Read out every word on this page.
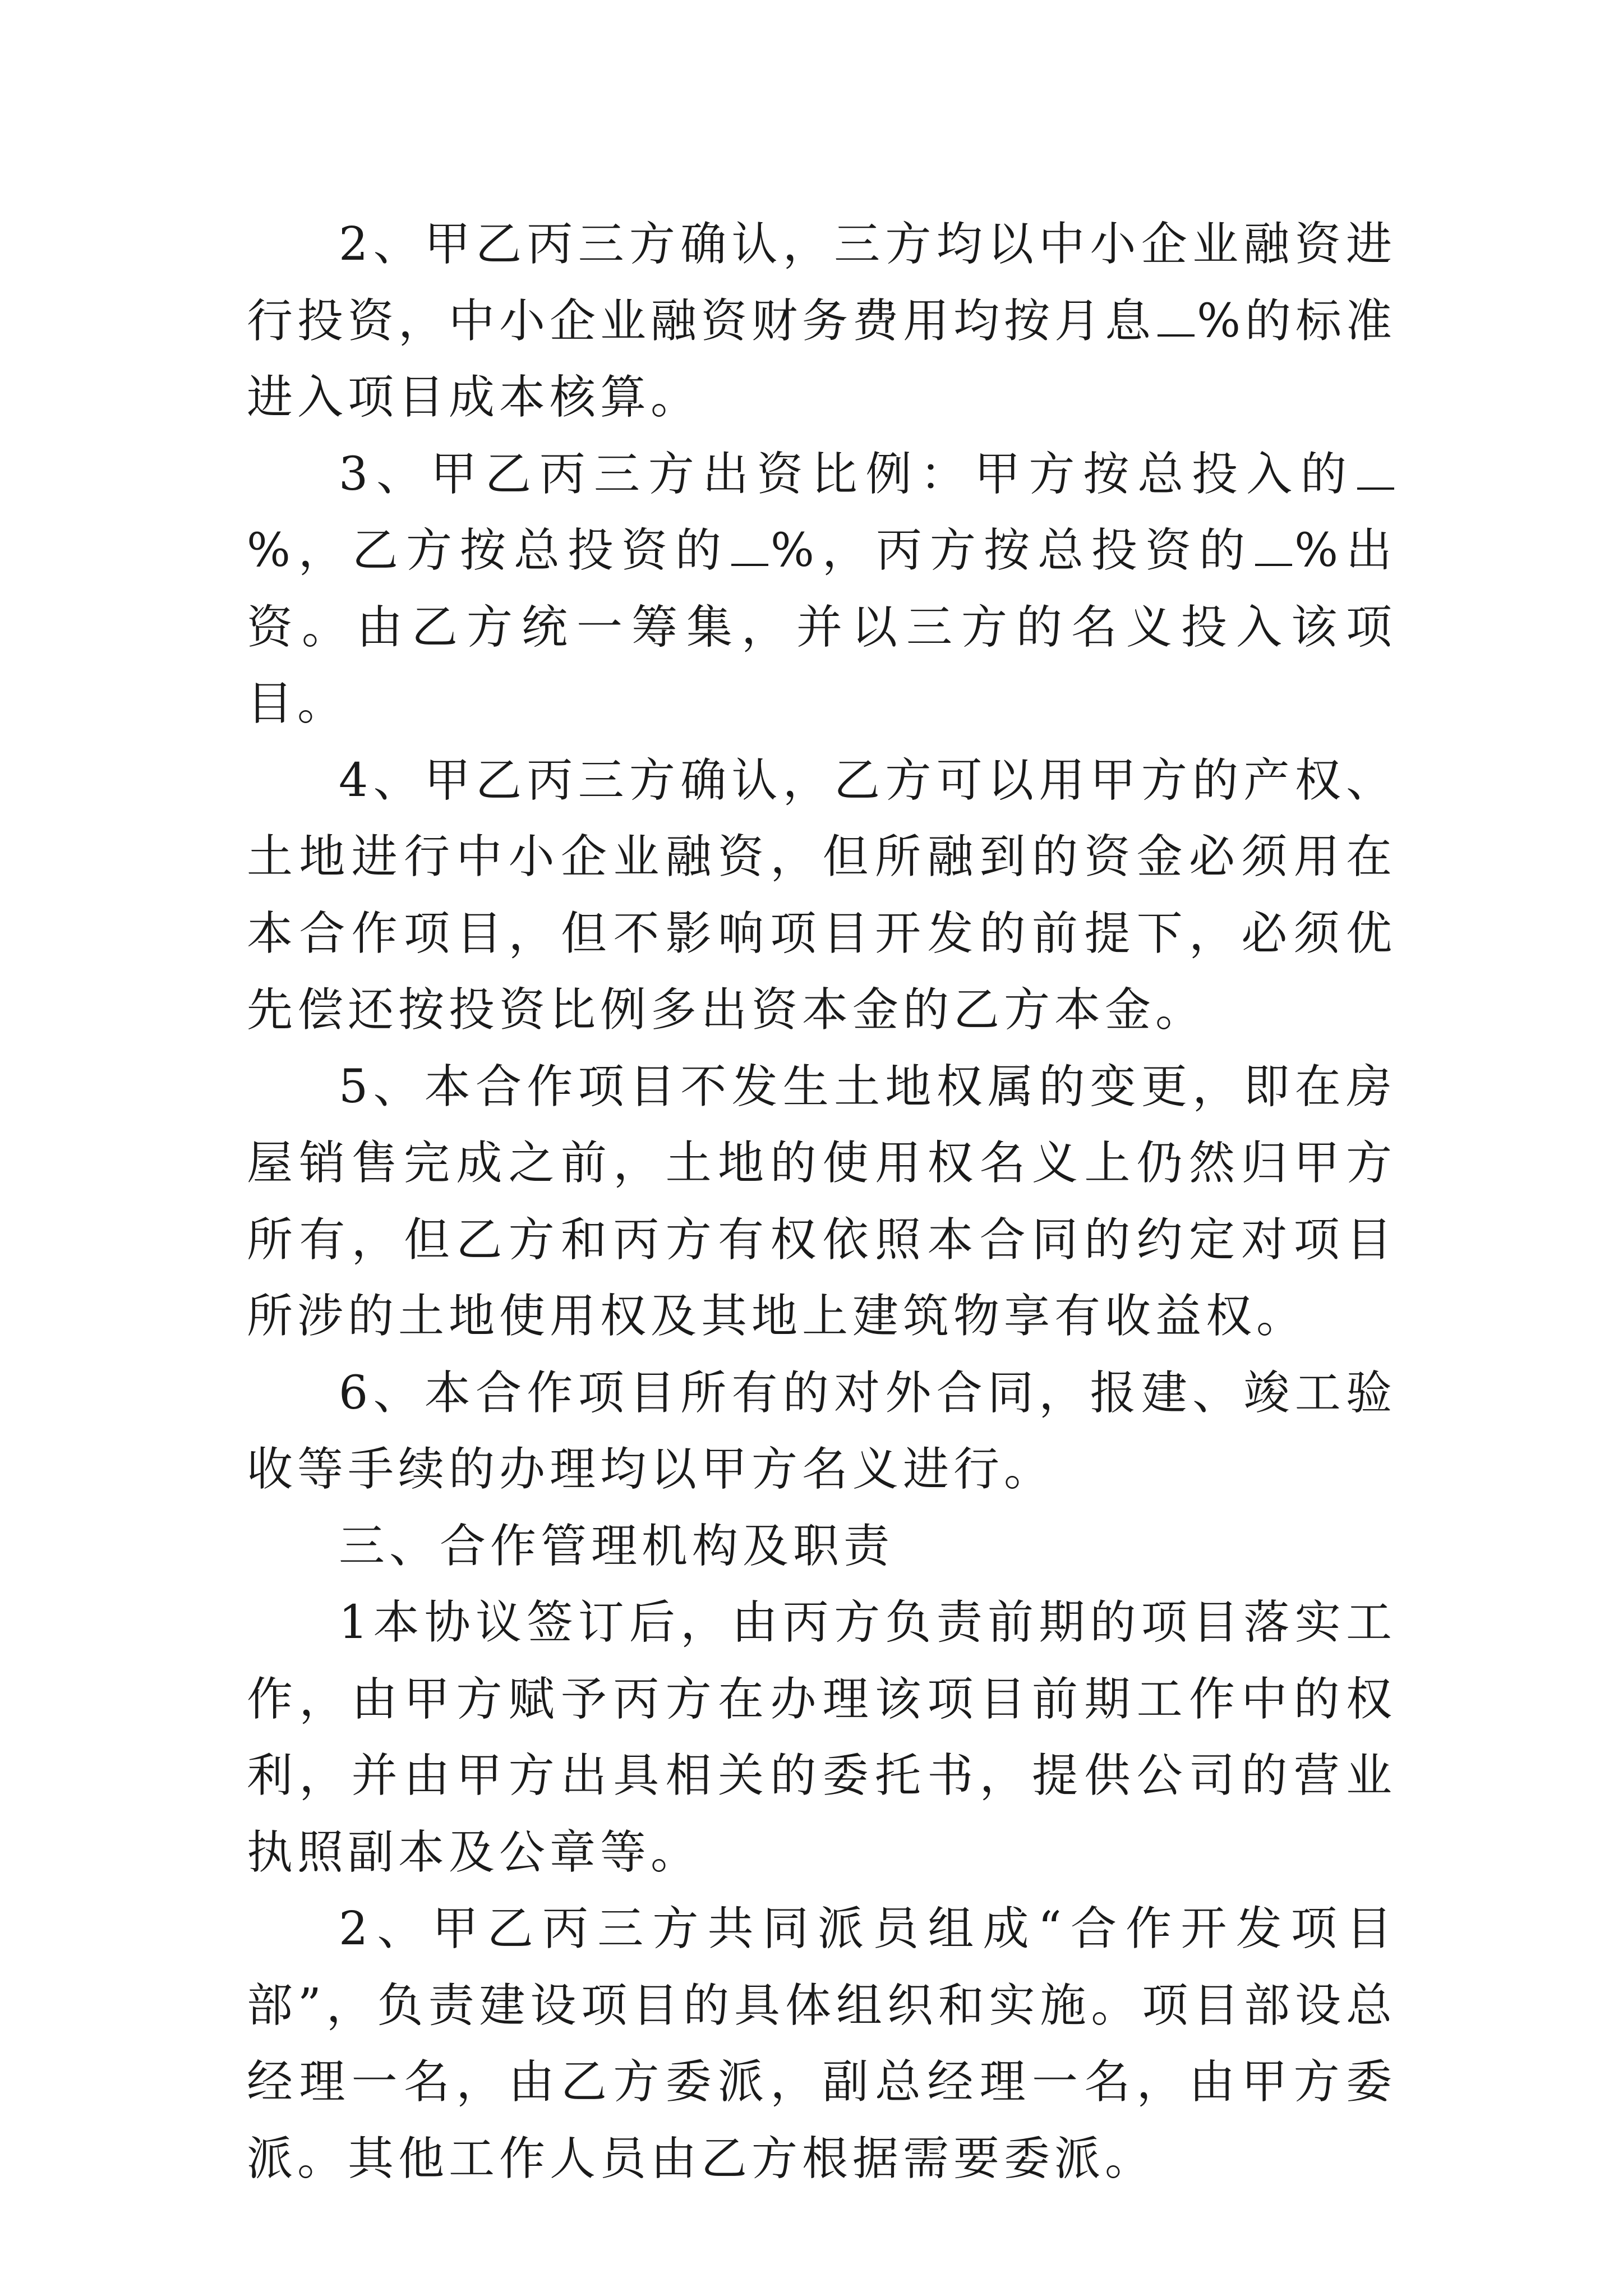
2、甲乙丙三方确认，三方均以中小企业融资进行投资，中小企业融资财务费用均按月息 %的标准进入项目成本核算。

3、甲乙丙三方出资比例：甲方按总投入的%，乙方按总投资的 %，丙方按总投资的 %出资。由乙方统一筹集，并以三方的名义投入该项目。

4、甲乙丙三方确认，乙方可以用甲方的产权、土地进行中小企业融资，但所融到的资金必须用在本合作项目，但不影响项目开发的前提下，必须优先偿还按投资比例多出资本金的乙方本金。

5、本合作项目不发生土地权属的变更，即在房屋销售完成之前，土地的使用权名义上仍然归甲方所有，但乙方和丙方有权依照本合同的约定对项目所涉的土地使用权及其地上建筑物享有收益权。

6、本合作项目所有的对外合同，报建、竣工验收等手续的办理均以甲方名义进行。

三、合作管理机构及职责

1本协议签订后，由丙方负责前期的项目落实工作，由甲方赋予丙方在办理该项目前期工作中的权利，并由甲方出具相关的委托书，提供公司的营业执照副本及公章等。

2、甲乙丙三方共同派员组成“合作开发项目部”，负责建设项目的具体组织和实施。项目部设总经理一名，由乙方委派，副总经理一名，由甲方委派。其他工作人员由乙方根据需要委派。
